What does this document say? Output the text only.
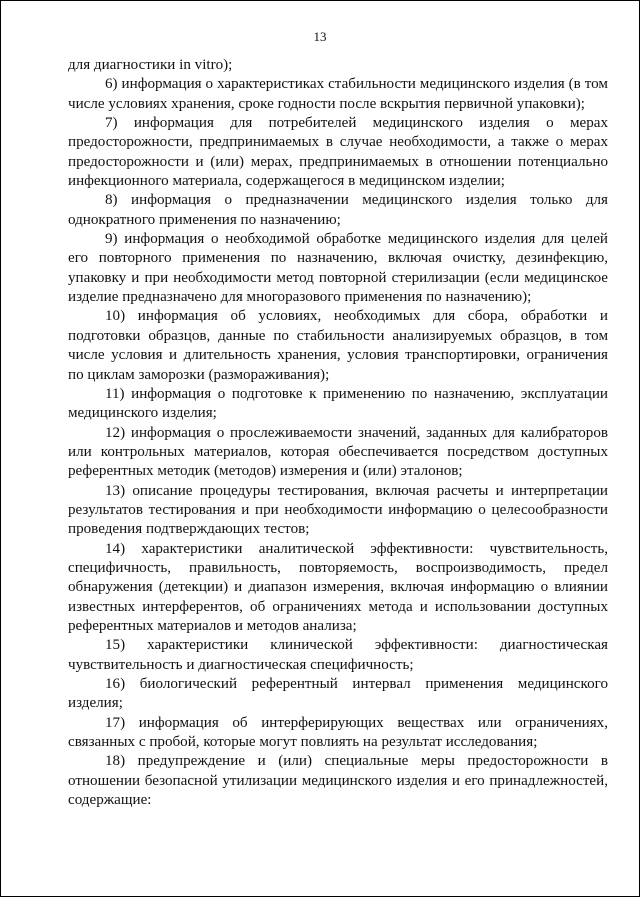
13

для диагностики in vitro);

6) информация о характеристиках стабильности медицинского изделия (в том числе условиях хранения, сроке годности после вскрытия первичной упаковки);

7) информация для потребителей медицинского изделия о мерах предосторожности, предпринимаемых в случае необходимости, а также о мерах предосторожности и (или) мерах, предпринимаемых в отношении потенциально инфекционного материала, содержащегося в медицинском изделии;

8) информация о предназначении медицинского изделия только для однократного применения по назначению;

9) информация о необходимой обработке медицинского изделия для целей его повторного применения по назначению, включая очистку, дезинфекцию, упаковку и при необходимости метод повторной стерилизации (если медицинское изделие предназначено для многоразового применения по назначению);

10) информация об условиях, необходимых для сбора, обработки и подготовки образцов, данные по стабильности анализируемых образцов, в том числе условия и длительность хранения, условия транспортировки, ограничения по циклам заморозки (размораживания);

11) информация о подготовке к применению по назначению, эксплуатации медицинского изделия;

12) информация о прослеживаемости значений, заданных для калибраторов или контрольных материалов, которая обеспечивается посредством доступных референтных методик (методов) измерения и (или) эталонов;

13) описание процедуры тестирования, включая расчеты и интерпретации результатов тестирования и при необходимости информацию о целесообразности проведения подтверждающих тестов;

14) характеристики аналитической эффективности: чувствительность, специфичность, правильность, повторяемость, воспроизводимость, предел обнаружения (детекции) и диапазон измерения, включая информацию о влиянии известных интерферентов, об ограничениях метода и использовании доступных референтных материалов и методов анализа;

15) характеристики клинической эффективности: диагностическая чувствительность и диагностическая специфичность;

16) биологический референтный интервал применения медицинского изделия;

17) информация об интерферирующих веществах или ограничениях, связанных с пробой, которые могут повлиять на результат исследования;

18) предупреждение и (или) специальные меры предосторожности в отношении безопасной утилизации медицинского изделия и его принадлежностей, содержащие:
